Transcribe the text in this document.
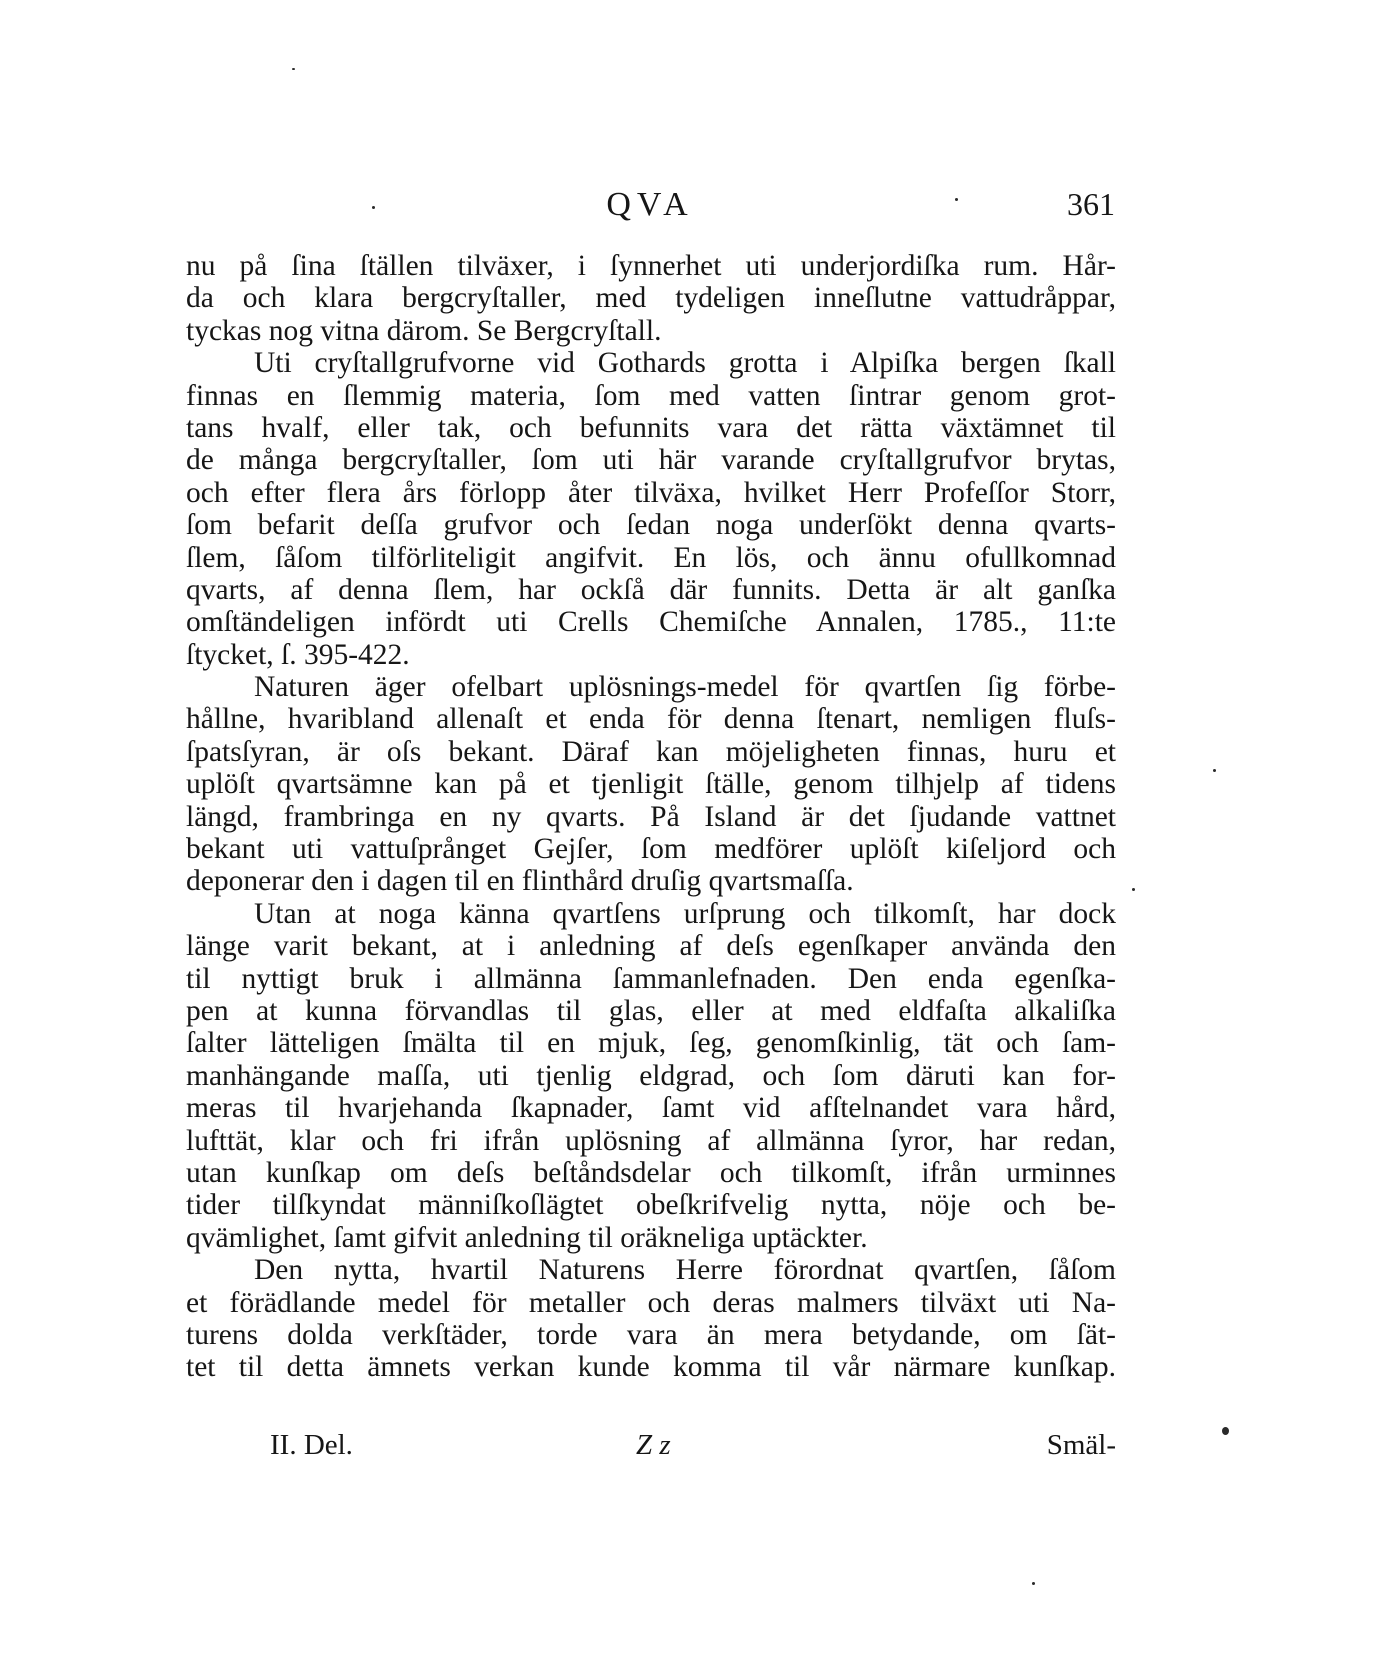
QVA	361
nu på ſina ſtällen tilväxer, i ſynnerhet uti underjordiſka rum. Hår-
da och klara bergcryſtaller, med tydeligen inneſlutne vattudråppar,
tyckas nog vitna därom. Se Bergcryſtall.
Uti cryſtallgrufvorne vid Gothards grotta i Alpiſka bergen ſkall
finnas en ſlemmig materia, ſom med vatten ſintrar genom grot-
tans hvalf, eller tak, och befunnits vara det rätta växtämnet til
de många bergcryſtaller, ſom uti här varande cryſtallgrufvor brytas,
och efter flera års förlopp åter tilväxa, hvilket Herr Profeſſor Storr,
ſom befarit deſſa grufvor och ſedan noga underſökt denna qvarts-
ſlem, ſåſom tilförliteligit angifvit. En lös, och ännu ofullkomnad
qvarts, af denna ſlem, har ockſå där funnits. Detta är alt ganſka
omſtändeligen infördt uti Crells Chemiſche Annalen, 1785., 11:te
ſtycket, ſ. 395-422.
Naturen äger ofelbart uplösnings-medel för qvartſen ſig förbe-
hållne, hvaribland allenaſt et enda för denna ſtenart, nemligen fluſs-
ſpatsſyran, är oſs bekant. Däraf kan möjeligheten finnas, huru et
uplöſt qvartsämne kan på et tjenligit ſtälle, genom tilhjelp af tidens
längd, frambringa en ny qvarts. På Island är det ſjudande vattnet
bekant uti vattuſprånget Gejſer, ſom medförer uplöſt kiſeljord och
deponerar den i dagen til en flinthård druſig qvartsmaſſa.
Utan at noga känna qvartſens urſprung och tilkomſt, har dock
länge varit bekant, at i anledning af deſs egenſkaper använda den
til nyttigt bruk i allmänna ſammanlefnaden. Den enda egenſka-
pen at kunna förvandlas til glas, eller at med eldfaſta alkaliſka
ſalter lätteligen ſmälta til en mjuk, ſeg, genomſkinlig, tät och ſam-
manhängande maſſa, uti tjenlig eldgrad, och ſom däruti kan for-
meras til hvarjehanda ſkapnader, ſamt vid afſtelnandet vara hård,
lufttät, klar och fri ifrån uplösning af allmänna ſyror, har redan,
utan kunſkap om deſs beſtåndsdelar och tilkomſt, ifrån urminnes
tider tilſkyndat männiſkoſlägtet obeſkrifvelig nytta, nöje och be-
qvämlighet, ſamt gifvit anledning til oräkneliga uptäckter.
Den nytta, hvartil Naturens Herre förordnat qvartſen, ſåſom
et förädlande medel för metaller och deras malmers tilväxt uti Na-
turens dolda verkſtäder, torde vara än mera betydande, om ſät-
tet til detta ämnets verkan kunde komma til vår närmare kunſkap.
II. Del.	Z z	Smäl-
